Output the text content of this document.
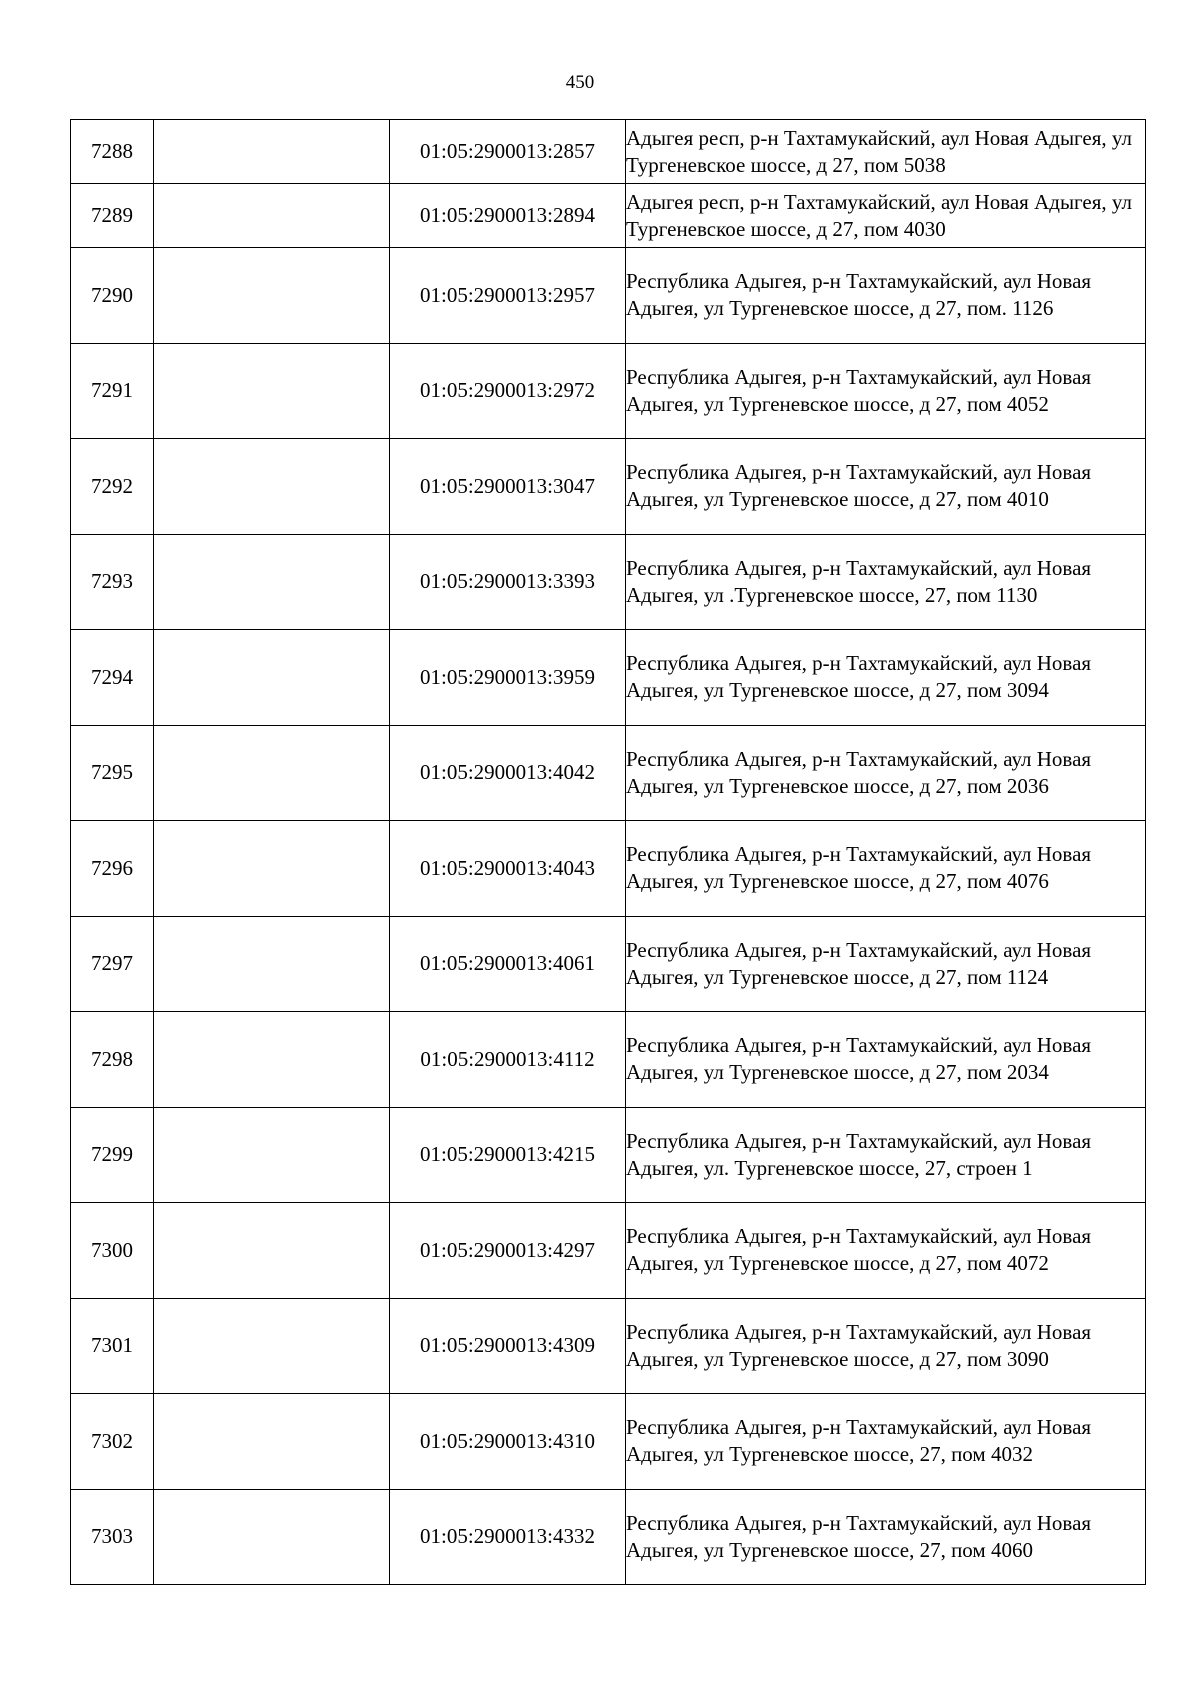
450
7288		01:05:2900013:2857	Адыгея респ, р-н Тахтамукайский, аул Новая Адыгея, ул Тургеневское шоссе, д 27, пом 5038
7289		01:05:2900013:2894	Адыгея респ, р-н Тахтамукайский, аул Новая Адыгея, ул Тургеневское шоссе, д 27, пом 4030
7290		01:05:2900013:2957	Республика Адыгея, р-н Тахтамукайский, аул Новая Адыгея, ул Тургеневское шоссе, д 27, пом. 1126
7291		01:05:2900013:2972	Республика Адыгея, р-н Тахтамукайский, аул Новая Адыгея, ул Тургеневское шоссе, д 27, пом 4052
7292		01:05:2900013:3047	Республика Адыгея, р-н Тахтамукайский, аул Новая Адыгея, ул Тургеневское шоссе, д 27, пом 4010
7293		01:05:2900013:3393	Республика Адыгея, р-н Тахтамукайский, аул Новая Адыгея, ул .Тургеневское шоссе, 27, пом 1130
7294		01:05:2900013:3959	Республика Адыгея, р-н Тахтамукайский, аул Новая Адыгея, ул Тургеневское шоссе, д 27, пом 3094
7295		01:05:2900013:4042	Республика Адыгея, р-н Тахтамукайский, аул Новая Адыгея, ул Тургеневское шоссе, д 27, пом 2036
7296		01:05:2900013:4043	Республика Адыгея, р-н Тахтамукайский, аул Новая Адыгея, ул Тургеневское шоссе, д 27, пом 4076
7297		01:05:2900013:4061	Республика Адыгея, р-н Тахтамукайский, аул Новая Адыгея, ул Тургеневское шоссе, д 27, пом 1124
7298		01:05:2900013:4112	Республика Адыгея, р-н Тахтамукайский, аул Новая Адыгея, ул Тургеневское шоссе, д 27, пом 2034
7299		01:05:2900013:4215	Республика Адыгея, р-н Тахтамукайский, аул Новая Адыгея, ул. Тургеневское шоссе, 27, строен 1
7300		01:05:2900013:4297	Республика Адыгея, р-н Тахтамукайский, аул Новая Адыгея, ул Тургеневское шоссе, д 27, пом 4072
7301		01:05:2900013:4309	Республика Адыгея, р-н Тахтамукайский, аул Новая Адыгея, ул Тургеневское шоссе, д 27, пом 3090
7302		01:05:2900013:4310	Республика Адыгея, р-н Тахтамукайский, аул Новая Адыгея, ул Тургеневское шоссе, 27, пом 4032
7303		01:05:2900013:4332	Республика Адыгея, р-н Тахтамукайский, аул Новая Адыгея, ул Тургеневское шоссе, 27, пом 4060
